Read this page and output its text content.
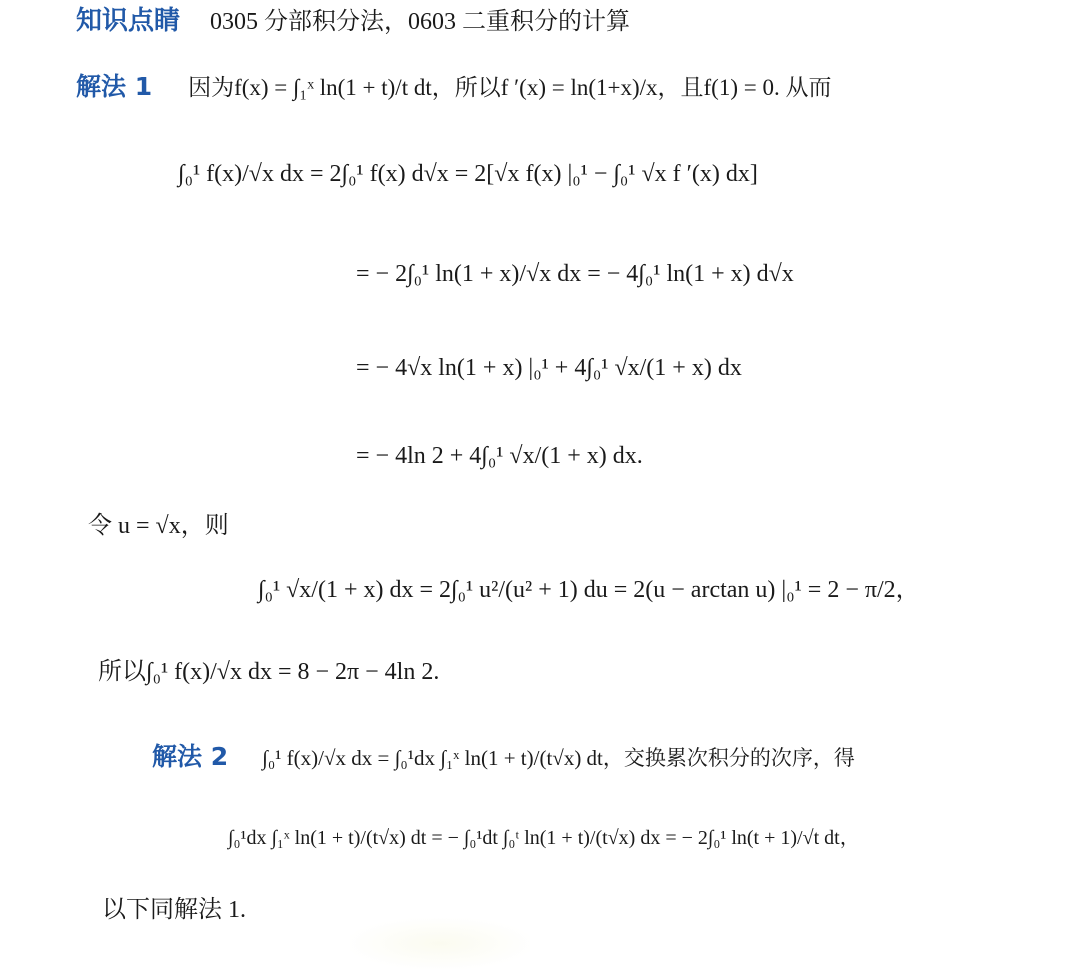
知识点睛 0305 分部积分法，0603 二重积分的计算
解法 1 因为f(x) = ∫₁ˣ ln(1 + t)/t dt，所以f ′(x) = ln(1+x)/x，且f(1) = 0. 从而
∫₀¹ f(x)/√x dx = 2∫₀¹ f(x) d√x = 2[√x f(x) |₀¹ − ∫₀¹ √x f ′(x) dx]
= − 2∫₀¹ ln(1 + x)/√x dx = − 4∫₀¹ ln(1 + x) d√x
= − 4√x ln(1 + x) |₀¹ + 4∫₀¹ √x/(1 + x) dx
= − 4ln 2 + 4∫₀¹ √x/(1 + x) dx.
令 u = √x，则
∫₀¹ √x/(1 + x) dx = 2∫₀¹ u²/(u² + 1) du = 2(u − arctan u) |₀¹ = 2 − π/2，
所以∫₀¹ f(x)/√x dx = 8 − 2π − 4ln 2.
解法 2 ∫₀¹ f(x)/√x dx = ∫₀¹dx ∫₁ˣ ln(1 + t)/(t√x) dt，交换累次积分的次序，得
∫₀¹dx ∫₁ˣ ln(1 + t)/(t√x) dt = − ∫₀¹dt ∫₀ᵗ ln(1 + t)/(t√x) dx = − 2∫₀¹ ln(t + 1)/√t dt，
以下同解法 1.
